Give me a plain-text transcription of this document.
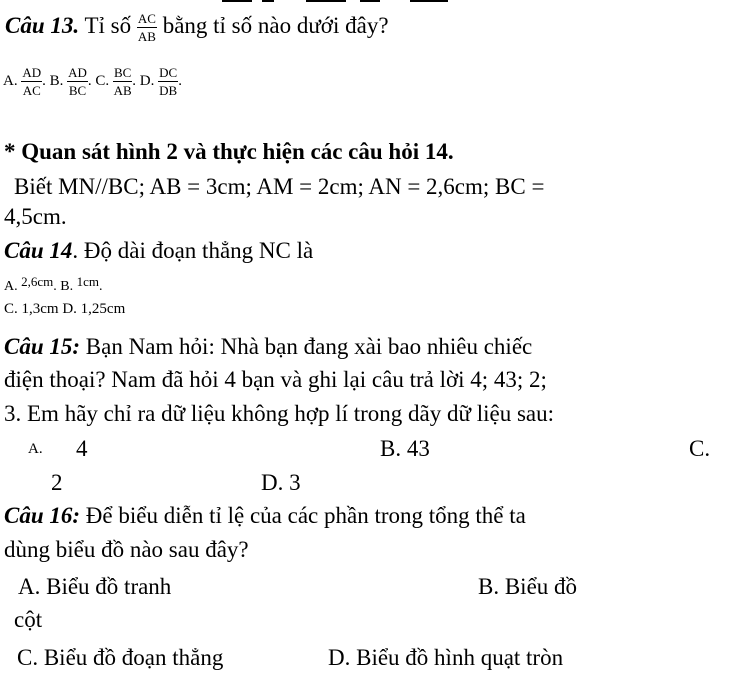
Câu 13. Tỉ số $\frac{AC}{AB}$ bằng tỉ số nào dưới đây?
A. $\frac{AD}{AC}$ . B. $\frac{AD}{BC}$ . C. $\frac{BC}{AB}$ . D. $\frac{DC}{DB}$ .
* Quan sát hình 2 và thực hiện các câu hỏi 14.
Biết MN//BC; AB = 3cm; AM = 2cm; AN = 2,6cm; BC =
4,5cm.
Câu 14. Độ dài đoạn thẳng NC là
A. 2,6cm. B. 1cm.
C. 1,3cm D. 1,25cm
Câu 15: Bạn Nam hỏi: Nhà bạn đang xài bao nhiêu chiếc
điện thoại? Nam đã hỏi 4 bạn và ghi lại câu trả lời 4; 43; 2;
3. Em hãy chỉ ra dữ liệu không hợp lí trong dãy dữ liệu sau:
A. 4	B. 43	C.
2	D. 3
Câu 16: Để biểu diễn tỉ lệ của các phần trong tổng thể ta
dùng biểu đồ nào sau đây?
A. Biểu đồ tranh	B. Biểu đồ
cột
C. Biểu đồ đoạn thẳng	D. Biểu đồ hình quạt tròn
